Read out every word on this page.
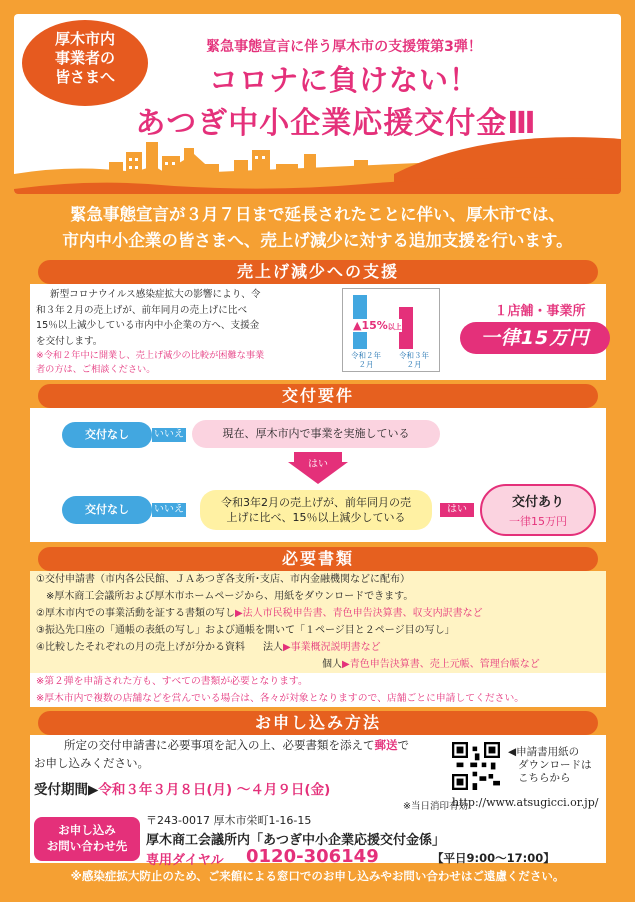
厚木市内
事業者の
皆さまへ
緊急事態宣言に伴う厚木市の支援策第3弾！
コロナに負けない！
あつぎ中小企業応援交付金Ⅲ
緊急事態宣言が３月７日まで延長されたことに伴い、厚木市では、
市内中小企業の皆さまへ、売上げ減少に対する追加支援を行います。
売上げ減少への支援
新型コロナウイルス感染症拡大の影響により、令
和３年２月の売上げが、前年同月の売上げに比べ
15％以上減少している市内中小企業の方へ、支援金
を交付します。
※令和２年中に開業し、売上げ減少の比較が困難な事業
者の方は、ご相談ください。
▲15%以上
令和２年
２月
令和３年
２月
１店舗・事業所
一律15万円
交付要件
交付なし	いいえ	現在、厚木市内で事業を実施している
はい
交付なし	いいえ
令和3年2月の売上げが、前年同月の売
上げに比べ、15％以上減少している
はい	交付あり
一律15万円
必要書類
①交付申請書（市内各公民館、ＪＡあつぎ各支所･支店、市内金融機関などに配布）
※厚木商工会議所および厚木市ホームページから、用紙をダウンロードできます。
②厚木市内での事業活動を証する書類の写し▶法人市民税申告書、青色申告決算書、収支内訳書など
③振込先口座の「通帳の表紙の写し」および通帳を開いて「１ページ目と２ページ目の写し」
④比較したそれぞれの月の売上げが分かる資料 法人▶事業概況説明書など
個人▶青色申告決算書、売上元帳、管理台帳など
※第２弾を申請された方も、すべての書類が必要となります。
※厚木市内で複数の店舗などを営んでいる場合は、各々が対象となりますので、店舗ごとに申請してください。
お申し込み方法
所定の交付申請書に必要事項を記入の上、必要書類を添えて郵送で
お申し込みください。
受付期間▶令和３年３月８日(月) ～４月９日(金)
※当日消印有効
◀申請書用紙の
ダウンロードは
こちらから
http://www.atsugicci.or.jp/
お申し込み
お問い合わせ先
〒243-0017 厚木市栄町1-16-15
厚木商工会議所内「あつぎ中小企業応援交付金係」
専用ダイヤル 0120-306149	【平日9:00～17:00】
※感染症拡大防止のため、ご来館による窓口でのお申し込みやお問い合わせはご遠慮ください。
